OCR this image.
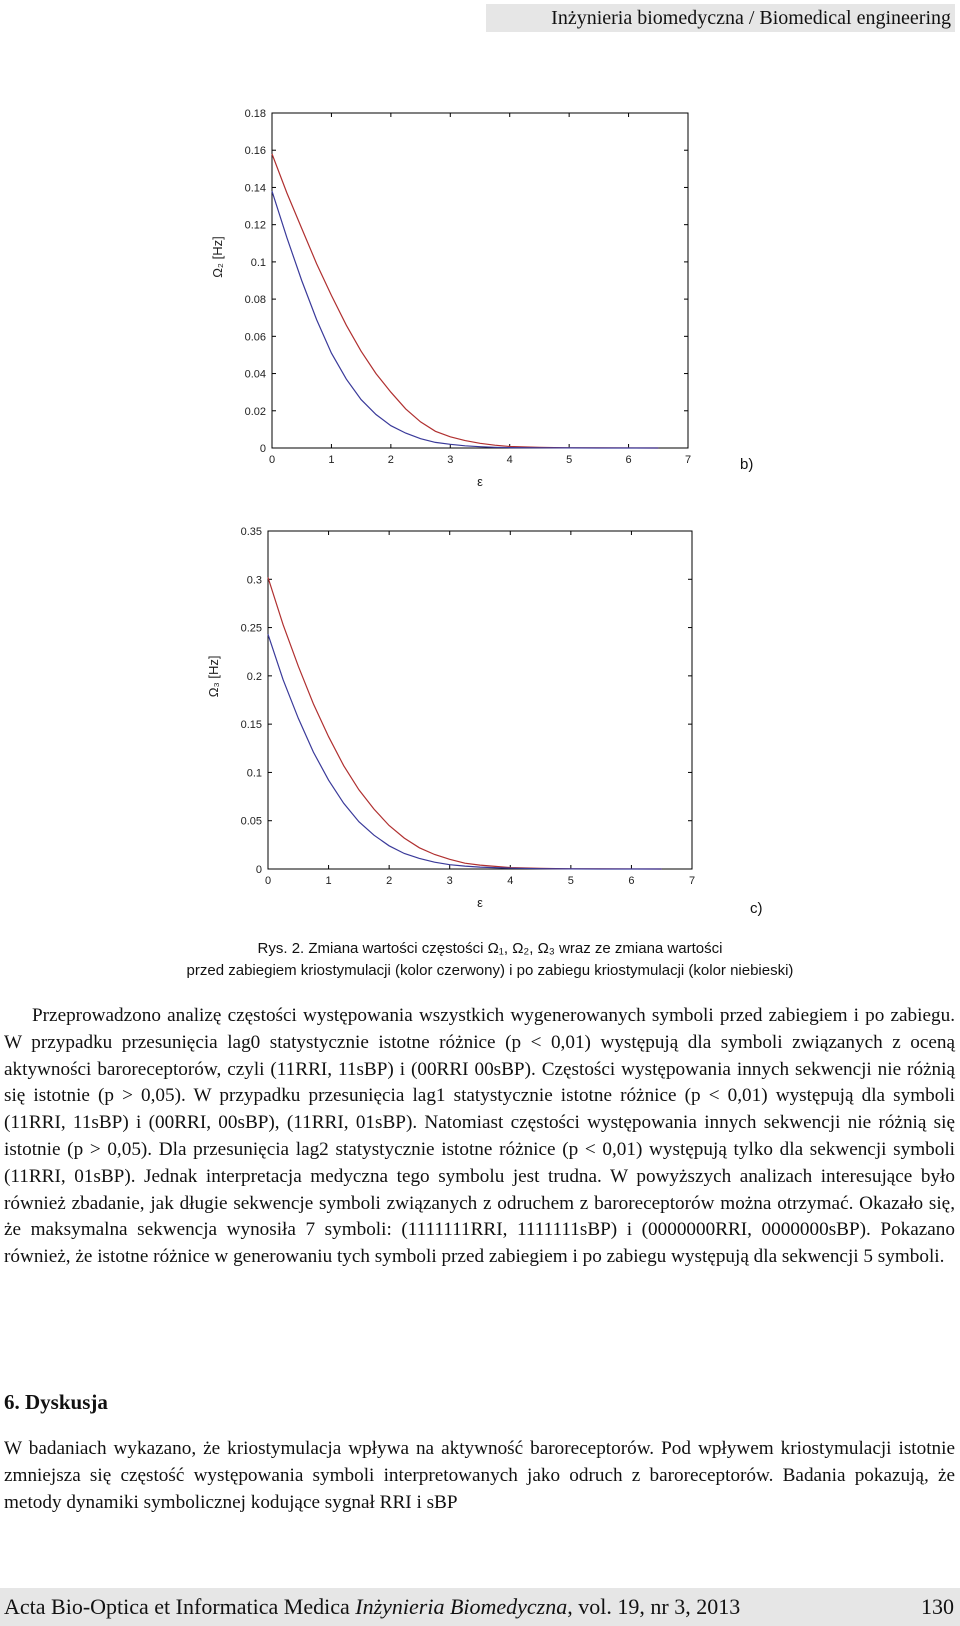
Inżynieria biomedyczna / Biomedical engineering
0	1	2	3	4	5	6	7
0
0.02
0.04
0.06
0.08
0.1
0.12
0.14
0.16
0.18
ε
Ω₂ [Hz]
b)
0	1	2	3	4	5	6	7
0
0.05
0.1
0.15
0.2
0.25
0.3
0.35
ε
Ω₃ [Hz]
c)
Rys. 2. Zmiana wartości częstości Ω₁, Ω₂, Ω₃ wraz ze zmiana wartości
przed zabiegiem kriostymulacji (kolor czerwony) i po zabiegu kriostymulacji (kolor niebieski)

Przeprowadzono analizę częstości występowania wszystkich wygenerowanych symboli przed zabiegiem i po zabiegu. W przypadku przesunięcia lag0 statystycznie istotne różnice (p < 0,01) występują dla symboli związanych z oceną aktywności baroreceptorów, czyli (11RRI, 11sBP) i (00RRI 00sBP). Częstości występowania innych sekwencji nie różnią się istotnie (p > 0,05). W przypadku przesunięcia lag1 statystycznie istotne różnice (p < 0,01) występują dla symboli (11RRI, 11sBP) i (00RRI, 00sBP), (11RRI, 01sBP). Natomiast częstości występowania innych sekwencji nie różnią się istotnie (p > 0,05). Dla przesunięcia lag2 statystycznie istotne różnice (p < 0,01) występują tylko dla sekwencji symboli (11RRI, 01sBP). Jednak interpretacja medyczna tego symbolu jest trudna. W powyższych analizach interesujące było również zbadanie, jak długie sekwencje symboli związanych z odruchem z baroreceptorów można otrzymać. Okazało się, że maksymalna sekwencja wynosiła 7 symboli: (1111111RRI, 1111111sBP) i (0000000RRI, 0000000sBP). Pokazano również, że istotne różnice w generowaniu tych symboli przed zabiegiem i po zabiegu występują dla sekwencji 5 symboli.

6. Dyskusja

W badaniach wykazano, że kriostymulacja wpływa na aktywność baroreceptorów. Pod wpływem kriostymulacji istotnie zmniejsza się częstość występowania symboli interpretowanych jako odruch z baroreceptorów. Badania pokazują, że metody dynamiki symbolicznej kodujące sygnał RRI i sBP

Acta Bio-Optica et Informatica Medica Inżynieria Biomedyczna, vol. 19, nr 3, 2013	130
